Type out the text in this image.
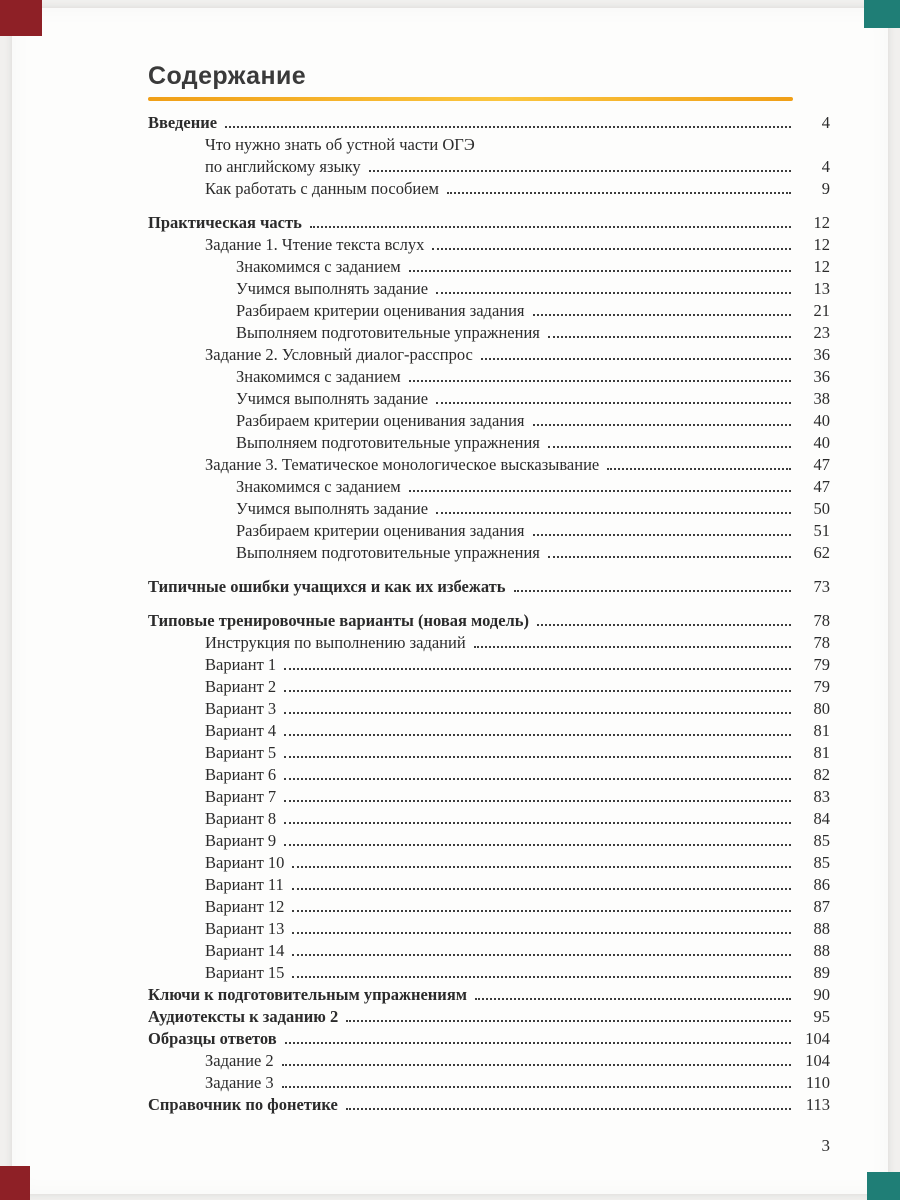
Содержание
Введение	4
Что нужно знать об устной части ОГЭ
по английскому языку	4
Как работать с данным пособием	9
Практическая часть	12
Задание 1. Чтение текста вслух	12
Знакомимся с заданием	12
Учимся выполнять задание	13
Разбираем критерии оценивания задания	21
Выполняем подготовительные упражнения	23
Задание 2. Условный диалог-расспрос	36
Знакомимся с заданием	36
Учимся выполнять задание	38
Разбираем критерии оценивания задания	40
Выполняем подготовительные упражнения	40
Задание 3. Тематическое монологическое высказывание	47
Знакомимся с заданием	47
Учимся выполнять задание	50
Разбираем критерии оценивания задания	51
Выполняем подготовительные упражнения	62
Типичные ошибки учащихся и как их избежать	73
Типовые тренировочные варианты (новая модель)	78
Инструкция по выполнению заданий	78
Вариант 1	79
Вариант 2	79
Вариант 3	80
Вариант 4	81
Вариант 5	81
Вариант 6	82
Вариант 7	83
Вариант 8	84
Вариант 9	85
Вариант 10	85
Вариант 11	86
Вариант 12	87
Вариант 13	88
Вариант 14	88
Вариант 15	89
Ключи к подготовительным упражнениям	90
Аудиотексты к заданию 2	95
Образцы ответов	104
Задание 2	104
Задание 3	110
Справочник по фонетике	113
3
